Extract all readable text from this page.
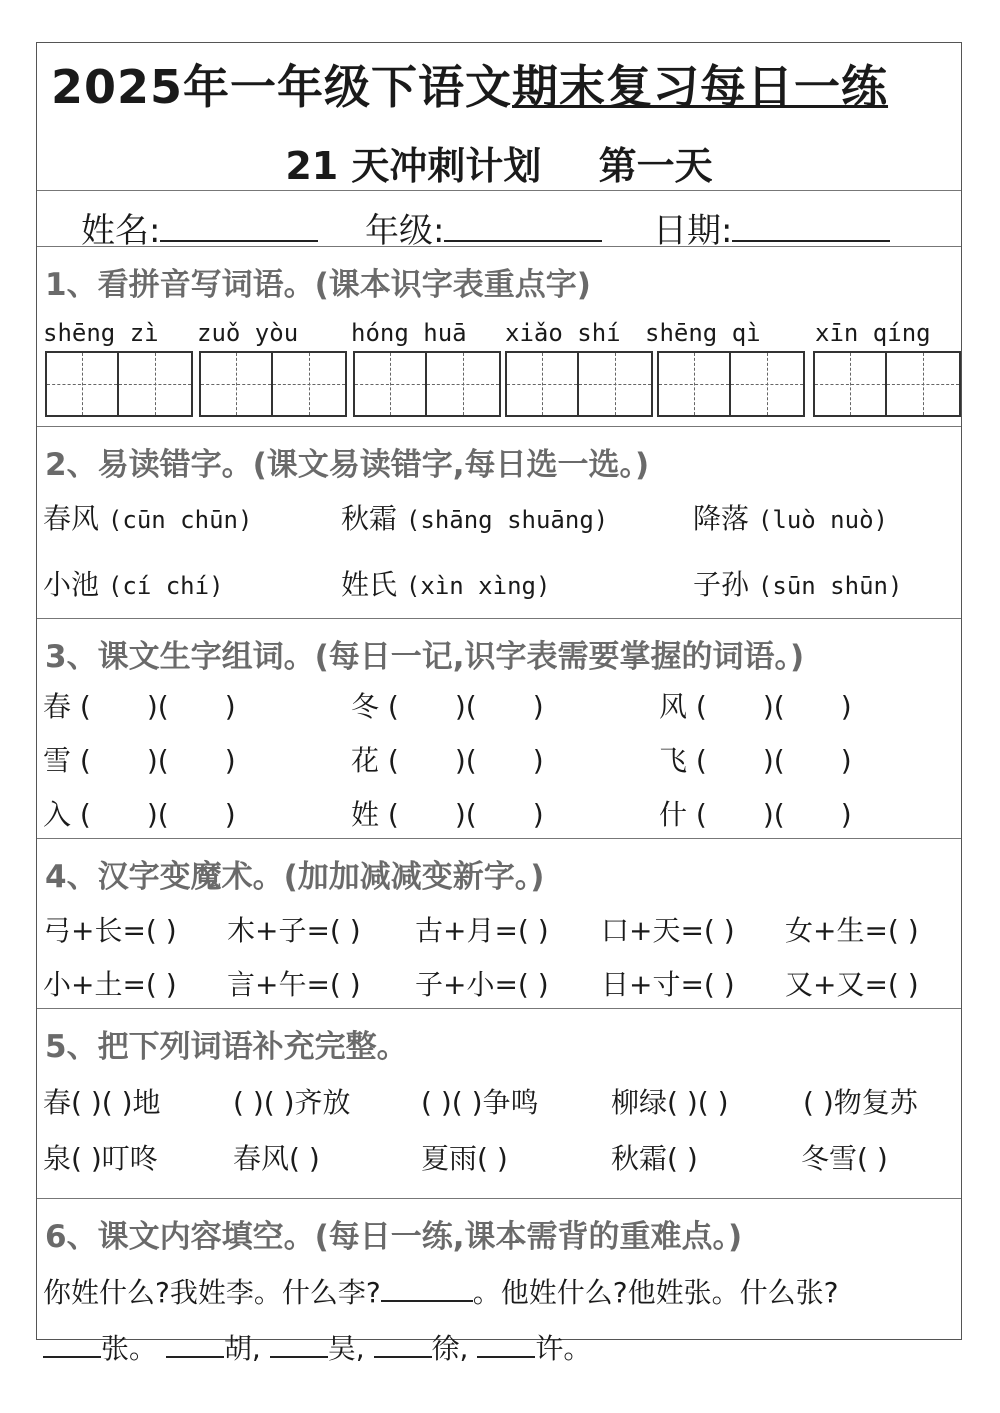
2025年一年级下语文期末复习每日一练
21 天冲刺计划 第一天
姓名:	年级:	日期:
1、看拼音写词语。(课本识字表重点字)
shēng zì zuǒ yòu hóng huā xiǎo shí shēng qì xīn qíng
2、易读错字。(课文易读错字,每日选一选。)
春风 (cūn chūn)	秋霜 (shāng shuāng)	降落 (luò nuò)
小池 (cí chí)	姓氏 (xìn xìng)	子孙 (sūn shūn)
3、课文生字组词。(每日一记,识字表需要掌握的词语。)
春 (　　)(　　)	冬 (　　)(　　)	风 (　　)(　　)
雪 (　　)(　　)	花 (　　)(　　)	飞 (　　)(　　)
入 (　　)(　　)	姓 (　　)(　　)	什 (　　)(　　)
4、汉字变魔术。(加加减减变新字。)
弓+长=( ) 木+子=( ) 古+月=( ) 口+天=( ) 女+生=( )
小+土=( ) 言+午=( ) 子+小=( ) 日+寸=( ) 又+又=( )
5、把下列词语补充完整。
春( )( )地	( )( )齐放	( )( )争鸣	柳绿( )( )	( )物复苏
泉( )叮咚	春风( )	夏雨( )	秋霜( )	冬雪( )
6、课文内容填空。(每日一练,课本需背的重难点。)
你姓什么?我姓李。什么李?	。他姓什么?他姓张。什么张?
张。 胡, 吴, 徐, 许。
